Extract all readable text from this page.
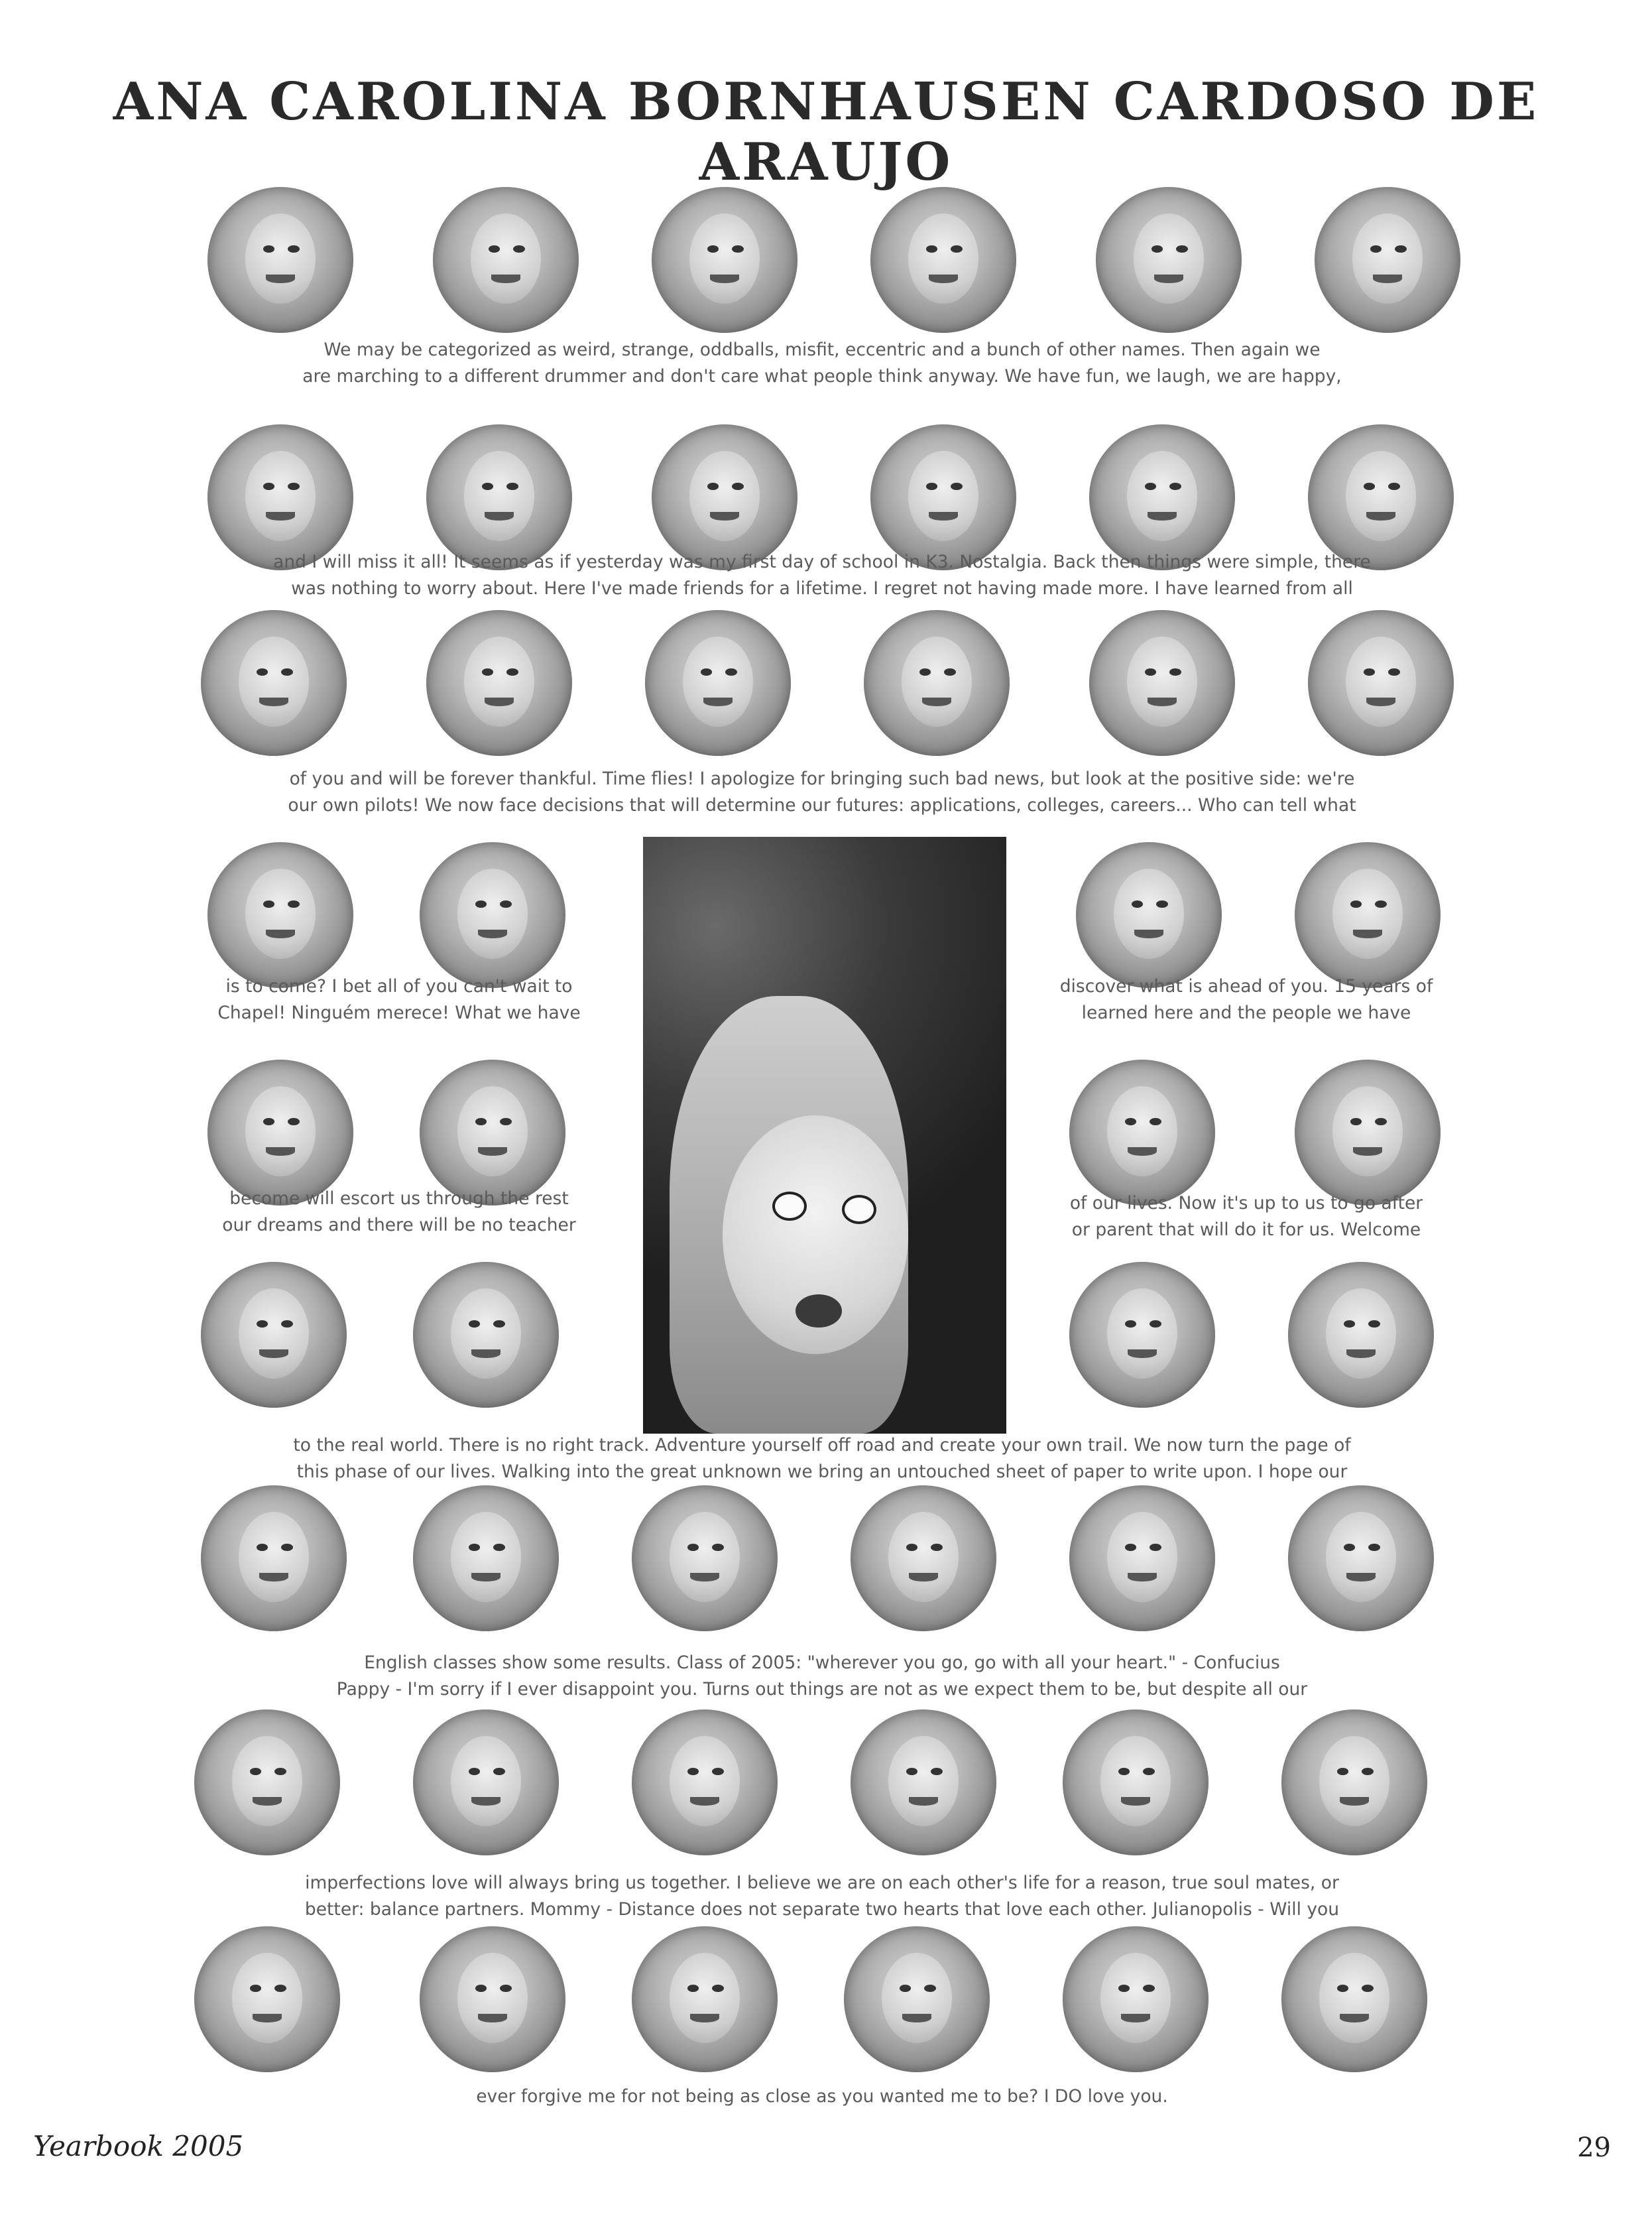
ANA CAROLINA BORNHAUSEN CARDOSO DE ARAUJO
We may be categorized as weird, strange, oddballs, misfit, eccentric and a bunch of other names. Then again we
are marching to a different drummer and don't care what people think anyway. We have fun, we laugh, we are happy,
and I will miss it all! It seems as if yesterday was my first day of school in K3. Nostalgia. Back then things were simple, there
was nothing to worry about. Here I've made friends for a lifetime. I regret not having made more. I have learned from all
of you and will be forever thankful. Time flies! I apologize for bringing such bad news, but look at the positive side: we're
our own pilots! We now face decisions that will determine our futures: applications, colleges, careers... Who can tell what
is to come? I bet all of you can't wait to
Chapel! Ninguém merece! What we have
discover what is ahead of you. 15 years of
learned here and the people we have
become will escort us through the rest
our dreams and there will be no teacher
of our lives. Now it's up to us to go after
or parent that will do it for us. Welcome
to the real world. There is no right track. Adventure yourself off road and create your own trail. We now turn the page of
this phase of our lives. Walking into the great unknown we bring an untouched sheet of paper to write upon. I hope our
English classes show some results. Class of 2005: "wherever you go, go with all your heart." - Confucius
Pappy - I'm sorry if I ever disappoint you. Turns out things are not as we expect them to be, but despite all our
imperfections love will always bring us together. I believe we are on each other's life for a reason, true soul mates, or
better: balance partners. Mommy - Distance does not separate two hearts that love each other. Julianopolis - Will you
ever forgive me for not being as close as you wanted me to be? I DO love you.
Yearbook 2005	29
